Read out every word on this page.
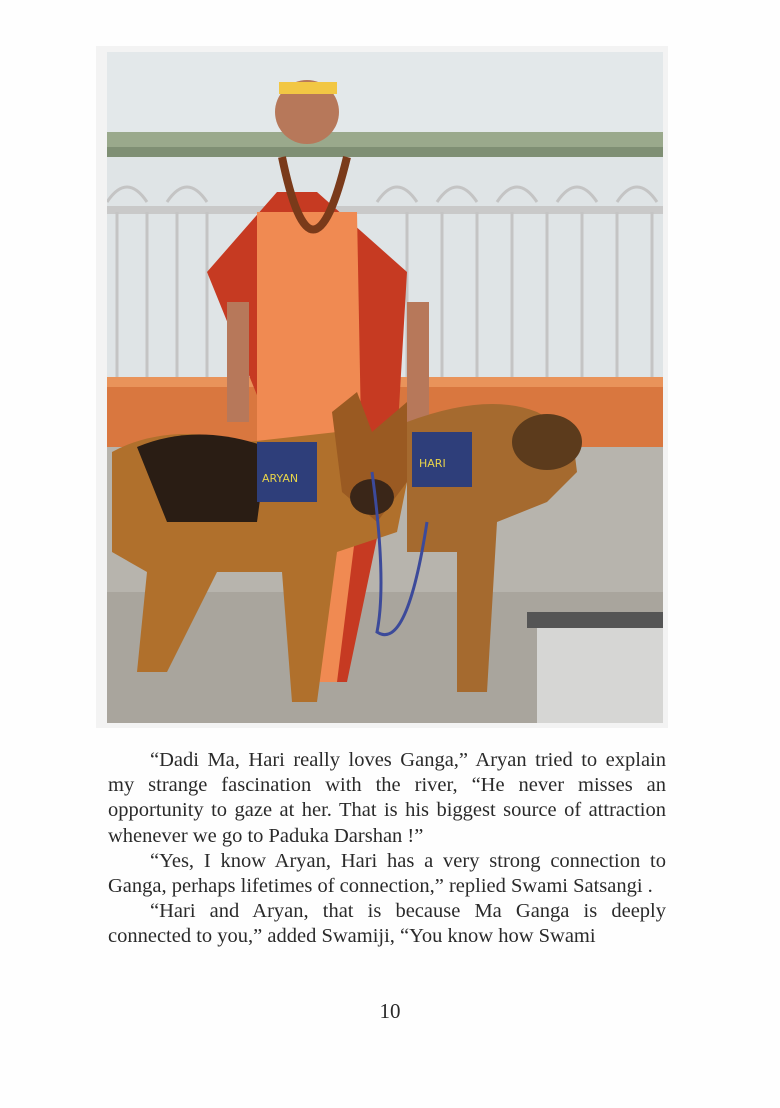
ARYAN
HARI

“Dadi Ma, Hari really loves Ganga,” Aryan tried to explain my strange fascination with the river, “He never misses an opportunity to gaze at her. That is his biggest source of attraction whenever we go to Paduka Darshan !”

“Yes, I know Aryan, Hari has a very strong connection to Ganga, perhaps lifetimes of connection,” replied Swami Satsangi .

“Hari and Aryan, that is because Ma Ganga is deeply connected to you,” added Swamiji, “You know how Swami

10
